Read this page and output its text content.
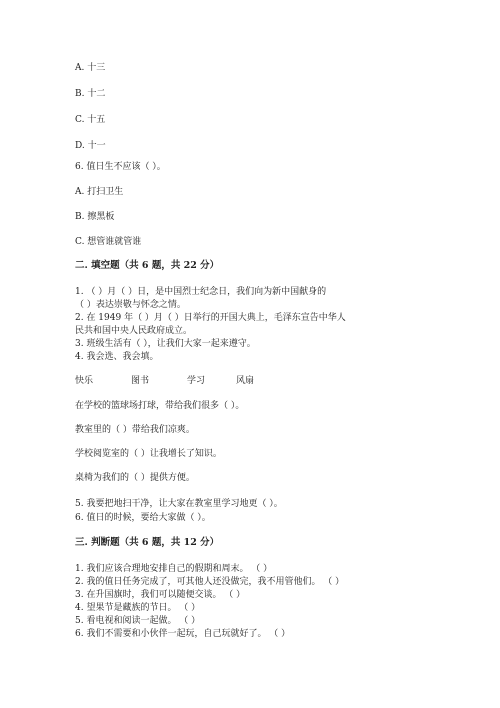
A. 十三
B. 十二
C. 十五
D. 十一
6. 值日生不应该（ ）。
A. 打扫卫生
B. 擦黑板
C. 想管谁就管谁
二. 填空题（共 6 题，共 22 分）
1. （ ）月（ ）日，是中国烈士纪念日，我们向为新中国献身的
（ ）表达崇敬与怀念之情。
2. 在 1949 年（ ）月（ ）日举行的开国大典上，毛泽东宣告中华人
民共和国中央人民政府成立。
3. 班级生活有（ ），让我们大家一起来遵守。
4. 我会选、我会填。
快乐	图书	学习	风扇
在学校的篮球场打球，带给我们很多（ ）。
教室里的（ ）带给我们凉爽。
学校阅览室的（ ）让我增长了知识。
桌椅为我们的（ ）提供方便。
5. 我要把地扫干净，让大家在教室里学习地更（ ）。
6. 值日的时候，要给大家做（ ）。
三. 判断题（共 6 题，共 12 分）
1. 我们应该合理地安排自己的假期和周末。 （ ）
2. 我的值日任务完成了，可其他人还没做完，我不用管他们。 （ ）
3. 在升国旗时，我们可以随便交谈。 （ ）
4. 望果节是藏族的节日。 （ ）
5. 看电视和阅读一起做。 （ ）
6. 我们不需要和小伙伴一起玩，自己玩就好了。 （ ）
